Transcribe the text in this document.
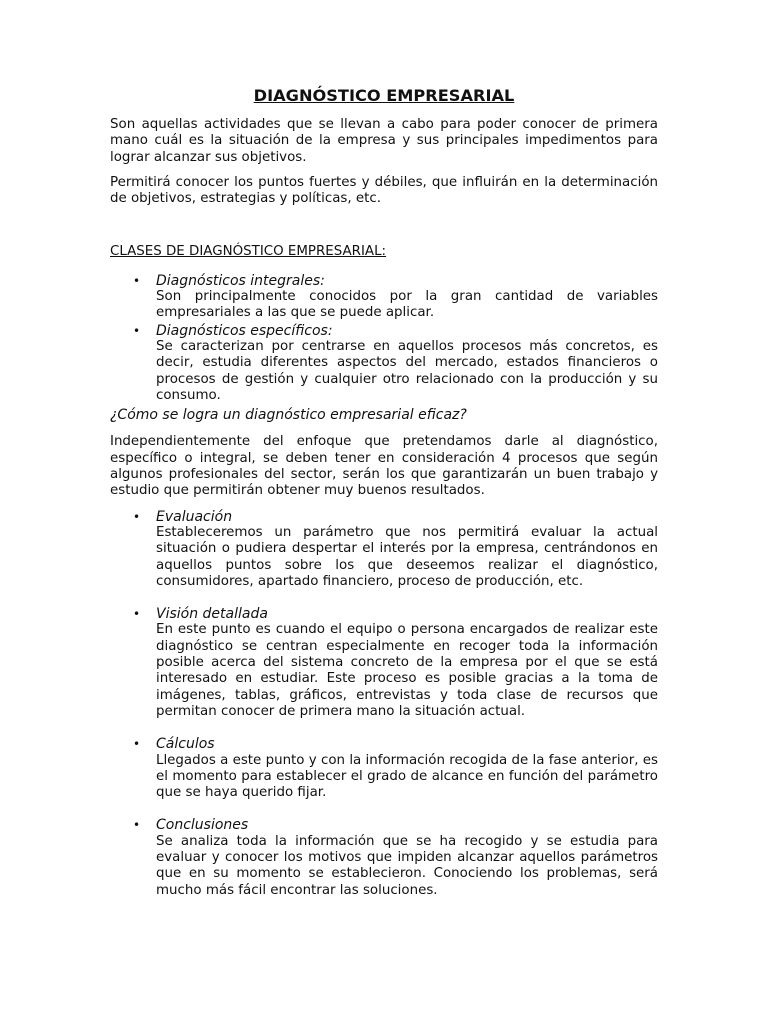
DIAGNÓSTICO EMPRESARIAL

Son aquellas actividades que se llevan a cabo para poder conocer de primera mano cuál es la situación de la empresa y sus principales impedimentos para lograr alcanzar sus objetivos.

Permitirá conocer los puntos fuertes y débiles, que influirán en la determinación de objetivos, estrategias y políticas, etc.

CLASES DE DIAGNÓSTICO EMPRESARIAL:
• Diagnósticos integrales:
Son principalmente conocidos por la gran cantidad de variables empresariales a las que se puede aplicar.
• Diagnósticos específicos:
Se caracterizan por centrarse en aquellos procesos más concretos, es decir, estudia diferentes aspectos del mercado, estados financieros o procesos de gestión y cualquier otro relacionado con la producción y su consumo.
¿Cómo se logra un diagnóstico empresarial eficaz?

Independientemente del enfoque que pretendamos darle al diagnóstico, específico o integral, se deben tener en consideración 4 procesos que según algunos profesionales del sector, serán los que garantizarán un buen trabajo y estudio que permitirán obtener muy buenos resultados.

• Evaluación
Estableceremos un parámetro que nos permitirá evaluar la actual situación o pudiera despertar el interés por la empresa, centrándonos en aquellos puntos sobre los que deseemos realizar el diagnóstico, consumidores, apartado financiero, proceso de producción, etc.
• Visión detallada
En este punto es cuando el equipo o persona encargados de realizar este diagnóstico se centran especialmente en recoger toda la información posible acerca del sistema concreto de la empresa por el que se está interesado en estudiar. Este proceso es posible gracias a la toma de imágenes, tablas, gráficos, entrevistas y toda clase de recursos que permitan conocer de primera mano la situación actual.
• Cálculos
Llegados a este punto y con la información recogida de la fase anterior, es el momento para establecer el grado de alcance en función del parámetro que se haya querido fijar.
• Conclusiones
Se analiza toda la información que se ha recogido y se estudia para evaluar y conocer los motivos que impiden alcanzar aquellos parámetros que en su momento se establecieron. Conociendo los problemas, será mucho más fácil encontrar las soluciones.
